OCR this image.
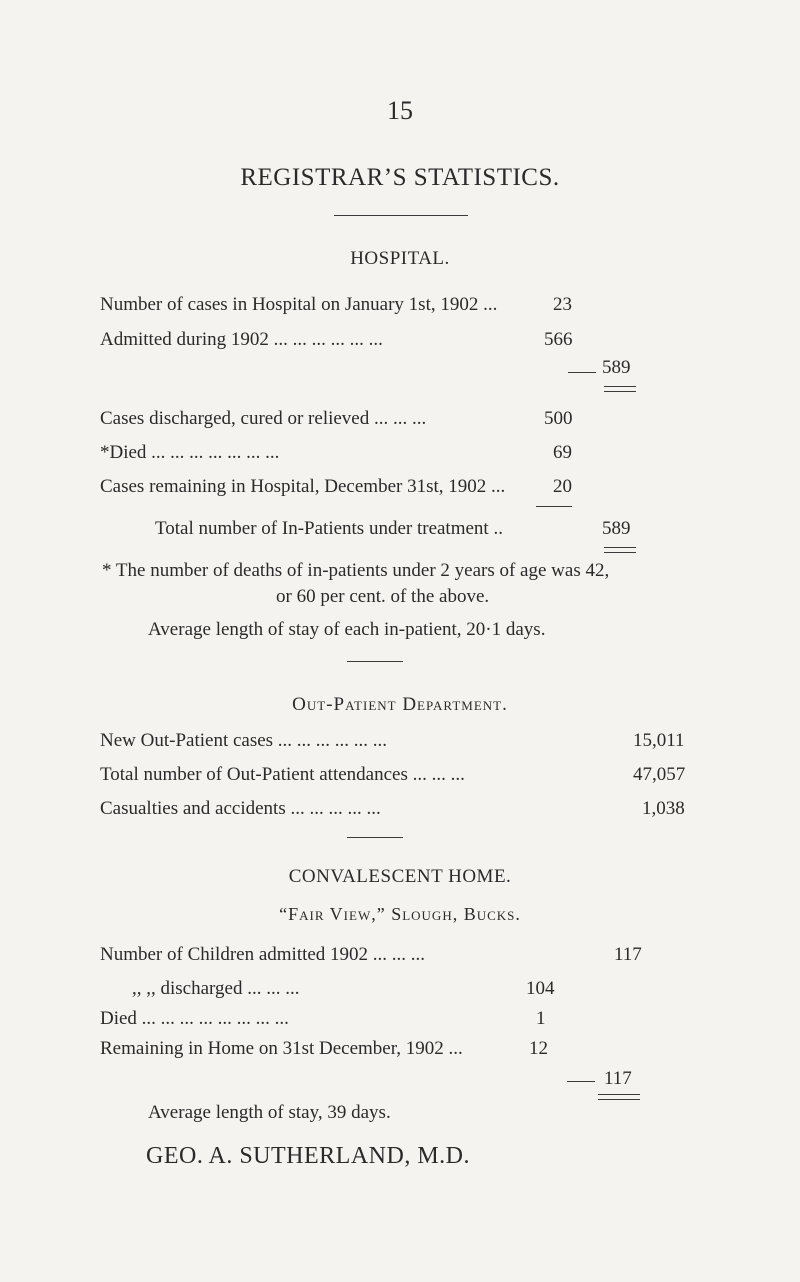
15
REGISTRAR’S STATISTICS.
HOSPITAL.
Number of cases in Hospital on January 1st, 1902 ...	23
Admitted during 1902 ... ... ... ... ... ...	566
589
Cases discharged, cured or relieved ... ... ...	500
*Died ... ... ... ... ... ... ...	69
Cases remaining in Hospital, December 31st, 1902 ...	20
Total number of In-Patients under treatment ..	589
* The number of deaths of in-patients under 2 years of age was 42,
or 60 per cent. of the above.
Average length of stay of each in-patient, 20·1 days.
Out-Patient Department.
New Out-Patient cases ... ... ... ... ... ...	15,011
Total number of Out-Patient attendances ... ... ...	47,057
Casualties and accidents ... ... ... ... ...	1,038
CONVALESCENT HOME.
“Fair View,” Slough, Bucks.
Number of Children admitted 1902 ... ... ...	117
,, ,, discharged ... ... ...	104
Died ... ... ... ... ... ... ... ...	1
Remaining in Home on 31st December, 1902 ...	12
117
Average length of stay, 39 days.
GEO. A. SUTHERLAND, M.D.
